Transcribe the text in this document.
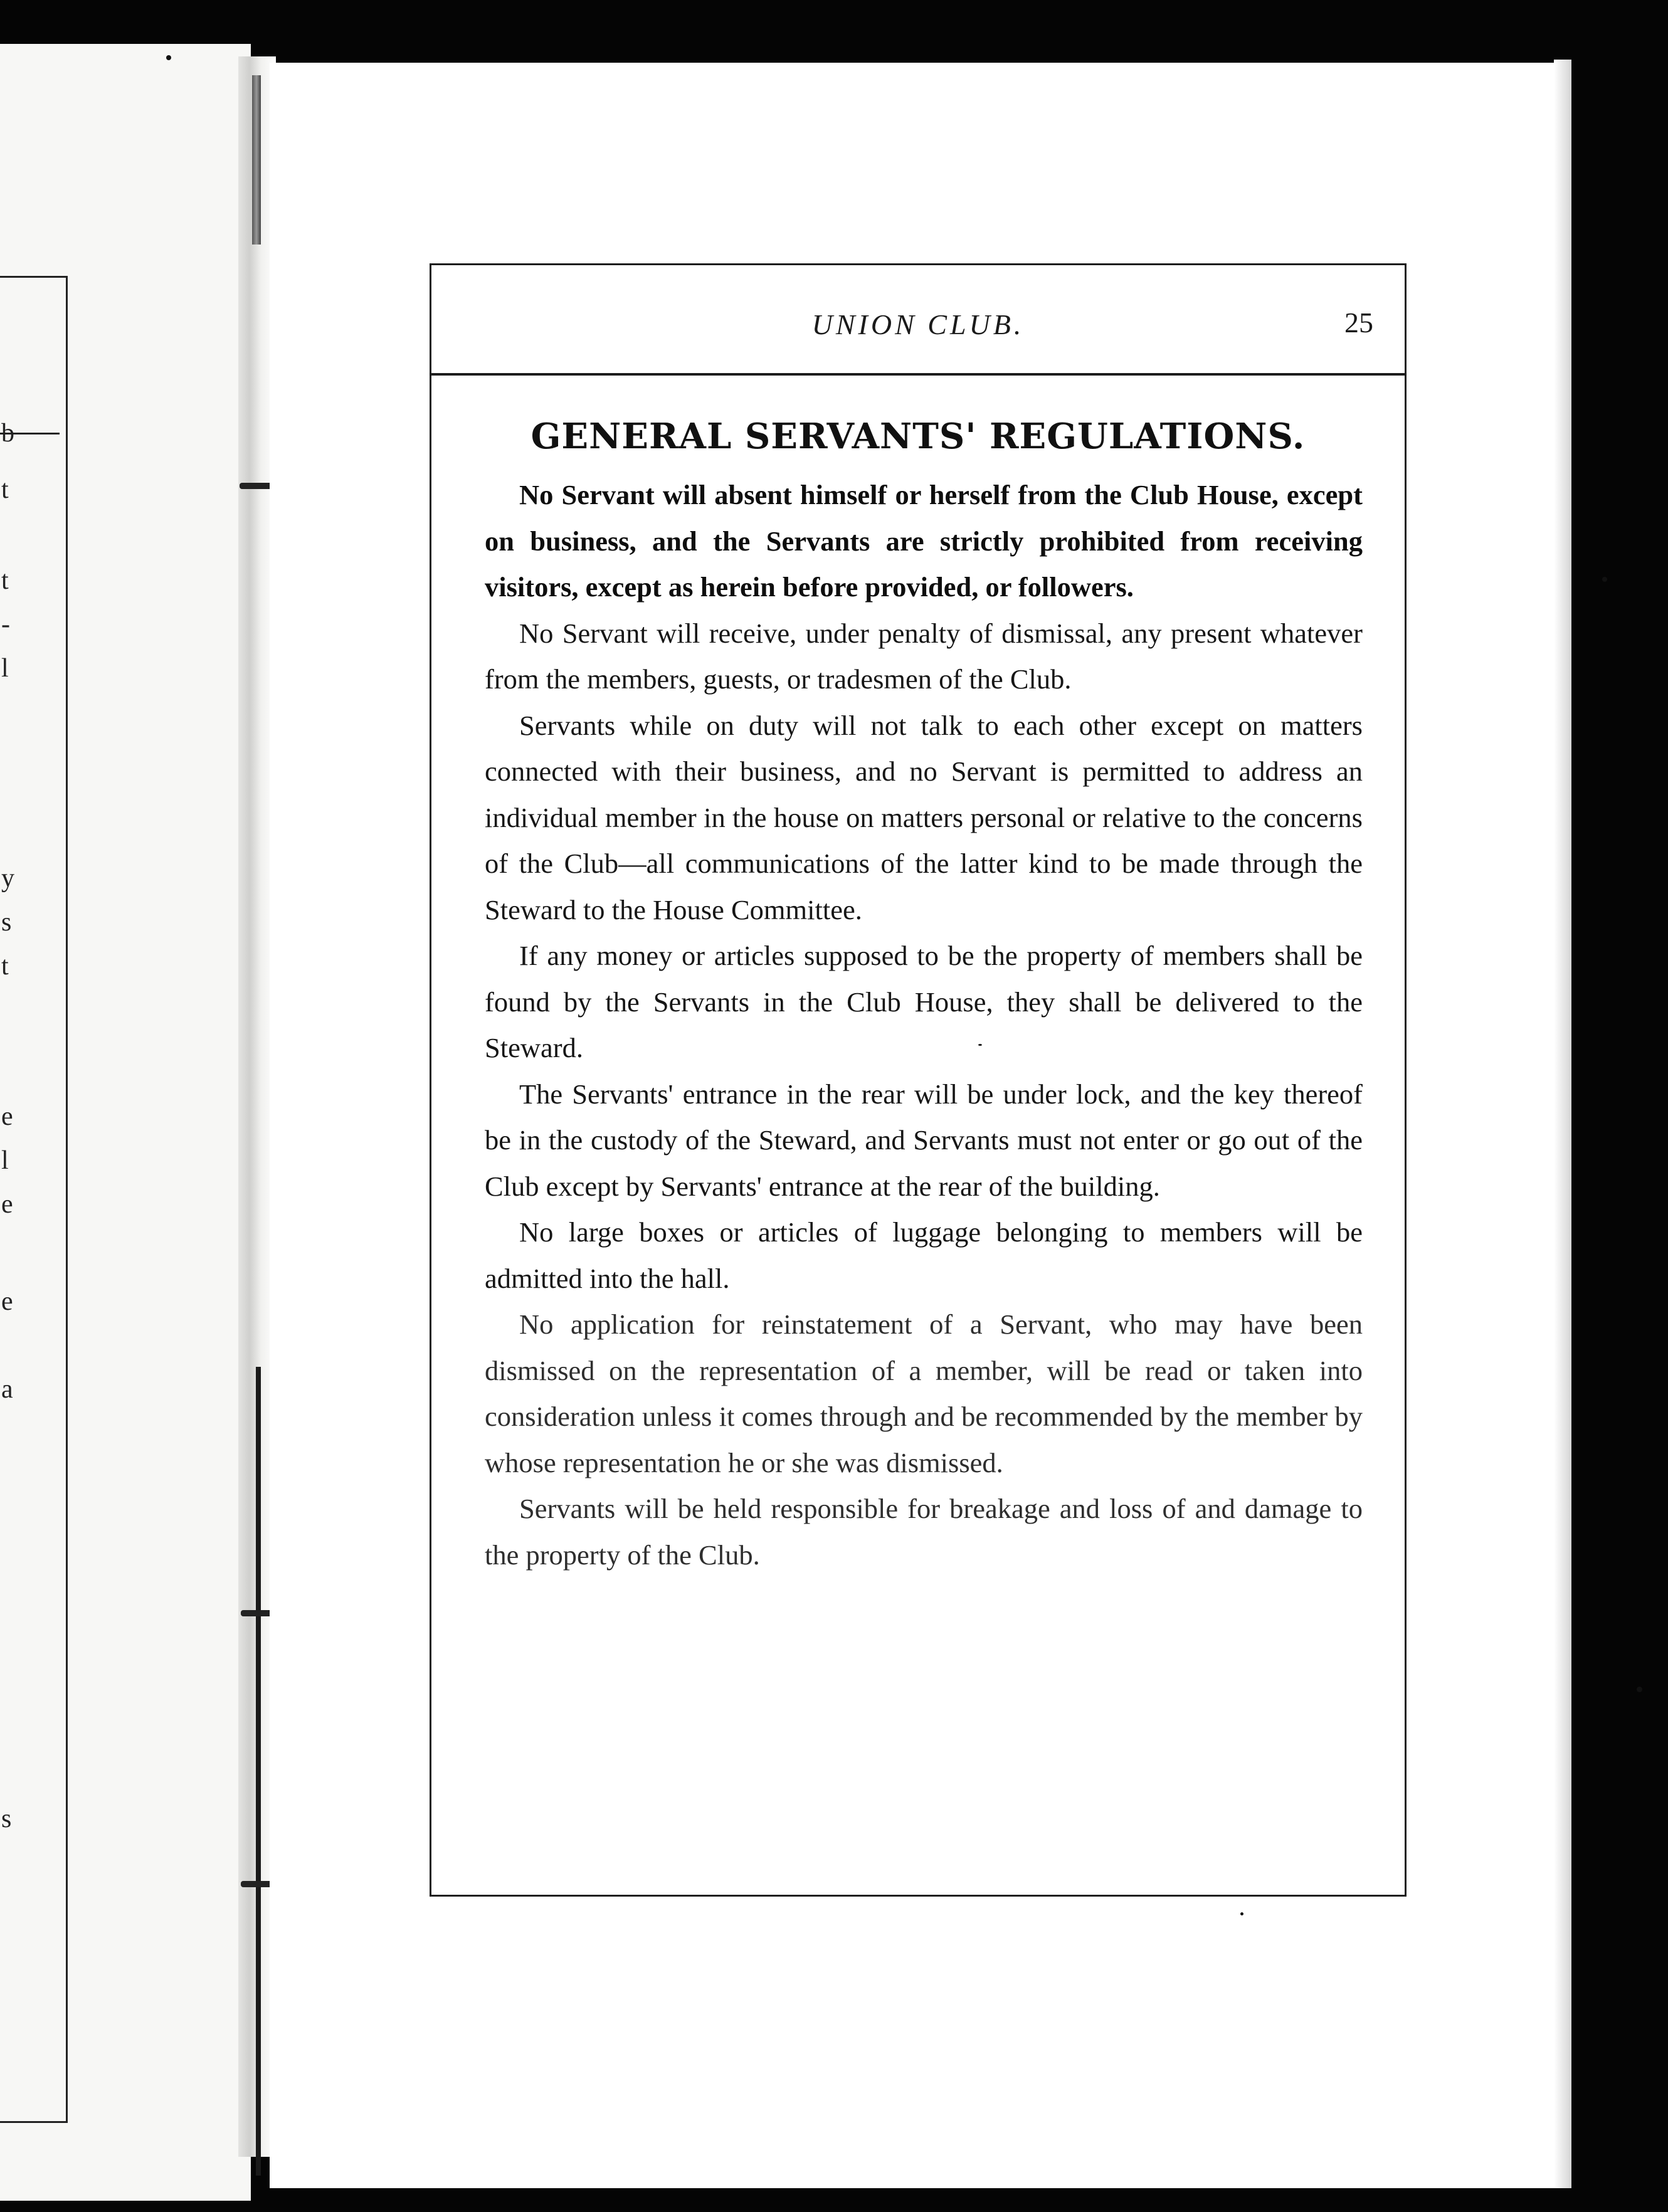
b
t
t
-
l
y
s
t
e
l
e
e
a
s
UNION CLUB.	25
GENERAL SERVANTS' REGULATIONS.

No Servant will absent himself or herself from the Club House, except on business, and the Servants are strictly prohibited from receiving visitors, except as herein before provided, or followers.

No Servant will receive, under penalty of dismissal, any present whatever from the members, guests, or tradesmen of the Club.

Servants while on duty will not talk to each other except on matters connected with their business, and no Servant is permitted to address an individual member in the house on matters personal or relative to the concerns of the Club—all communications of the latter kind to be made through the Steward to the House Committee.

If any money or articles supposed to be the property of members shall be found by the Servants in the Club House, they shall be delivered to the Steward.

The Servants' entrance in the rear will be under lock, and the key thereof be in the custody of the Steward, and Servants must not enter or go out of the Club except by Servants' entrance at the rear of the building.

No large boxes or articles of luggage belonging to members will be admitted into the hall.

No application for reinstatement of a Servant, who may have been dismissed on the representation of a member, will be read or taken into consideration unless it comes through and be recommended by the member by whose representation he or she was dismissed.

Servants will be held responsible for breakage and loss of and damage to the property of the Club.
